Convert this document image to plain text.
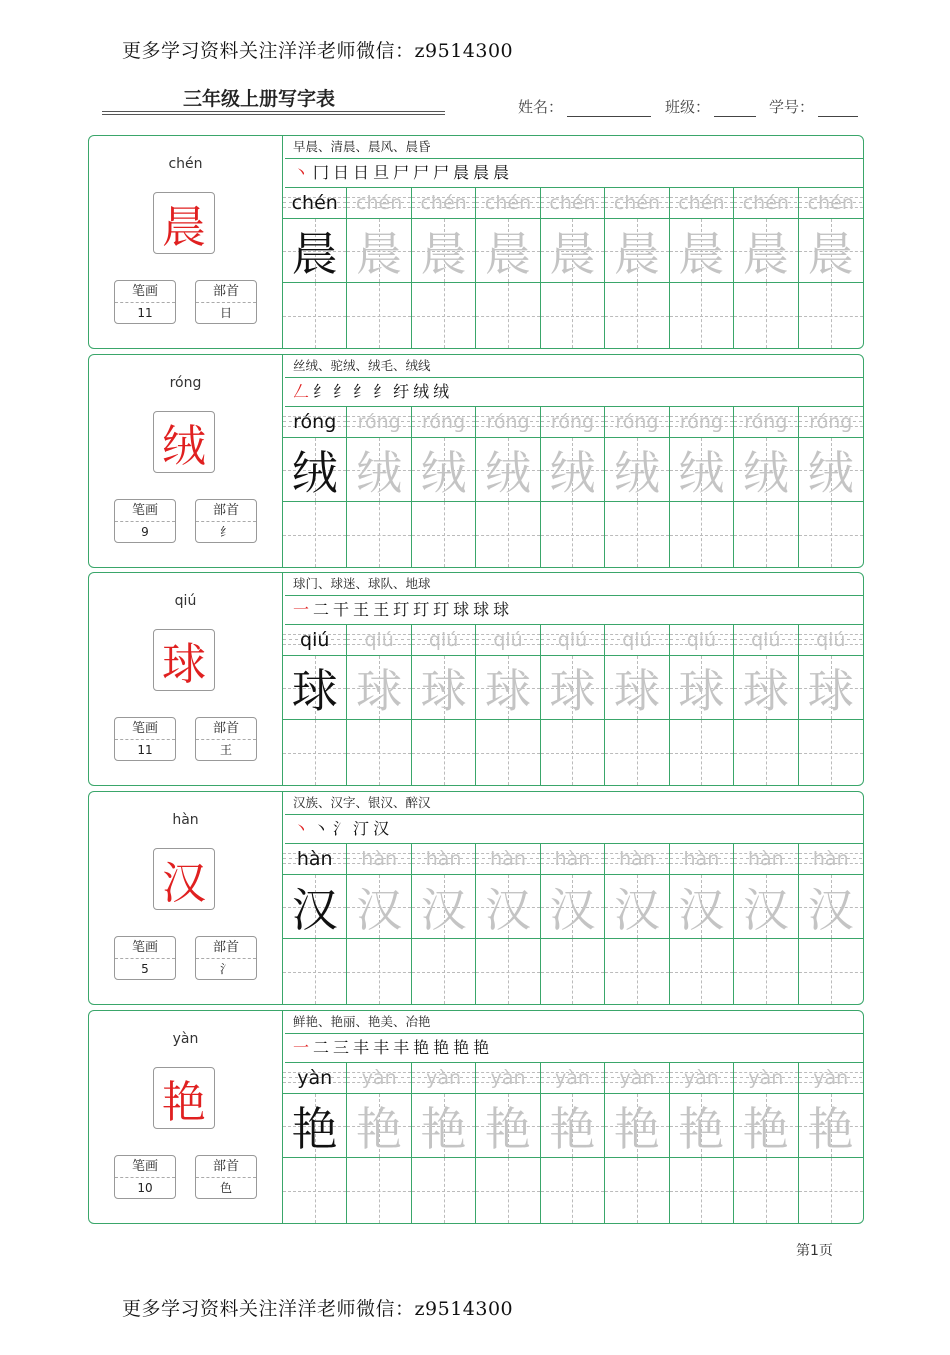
更多学习资料关注洋洋老师微信：z9514300
三年级上册写字表	姓名：	班级：	学号：
chén
晨
笔画
11
部首
日
早晨、清晨、晨风、晨昏
丶 冂 日 日 旦 尸 尸 尸 晨 晨 晨
chén chén chén chén chén chén chén chén chén
晨 晨 晨 晨 晨 晨 晨 晨 晨
róng
绒
笔画
9
部首
纟
丝绒、驼绒、绒毛、绒线
𠃋 纟 纟 纟 纟 纡 绒 绒
róng róng róng róng róng róng róng róng róng
绒 绒 绒 绒 绒 绒 绒 绒 绒
qiú
球
笔画
11
部首
王
球门、球迷、球队、地球
一 二 干 王 王 玎 玎 玎 球 球 球
qiú qiú qiú qiú qiú qiú qiú qiú qiú
球 球 球 球 球 球 球 球 球
hàn
汉
笔画
5
部首
氵
汉族、汉字、银汉、醉汉
丶 丶 氵 汀 汉
hàn hàn hàn hàn hàn hàn hàn hàn hàn
汉 汉 汉 汉 汉 汉 汉 汉 汉
yàn
艳
笔画
10
部首
色
鲜艳、艳丽、艳美、冶艳
一 二 三 丰 丰 丰 艳 艳 艳 艳
yàn yàn yàn yàn yàn yàn yàn yàn yàn
艳 艳 艳 艳 艳 艳 艳 艳 艳
第1页
更多学习资料关注洋洋老师微信：z9514300
